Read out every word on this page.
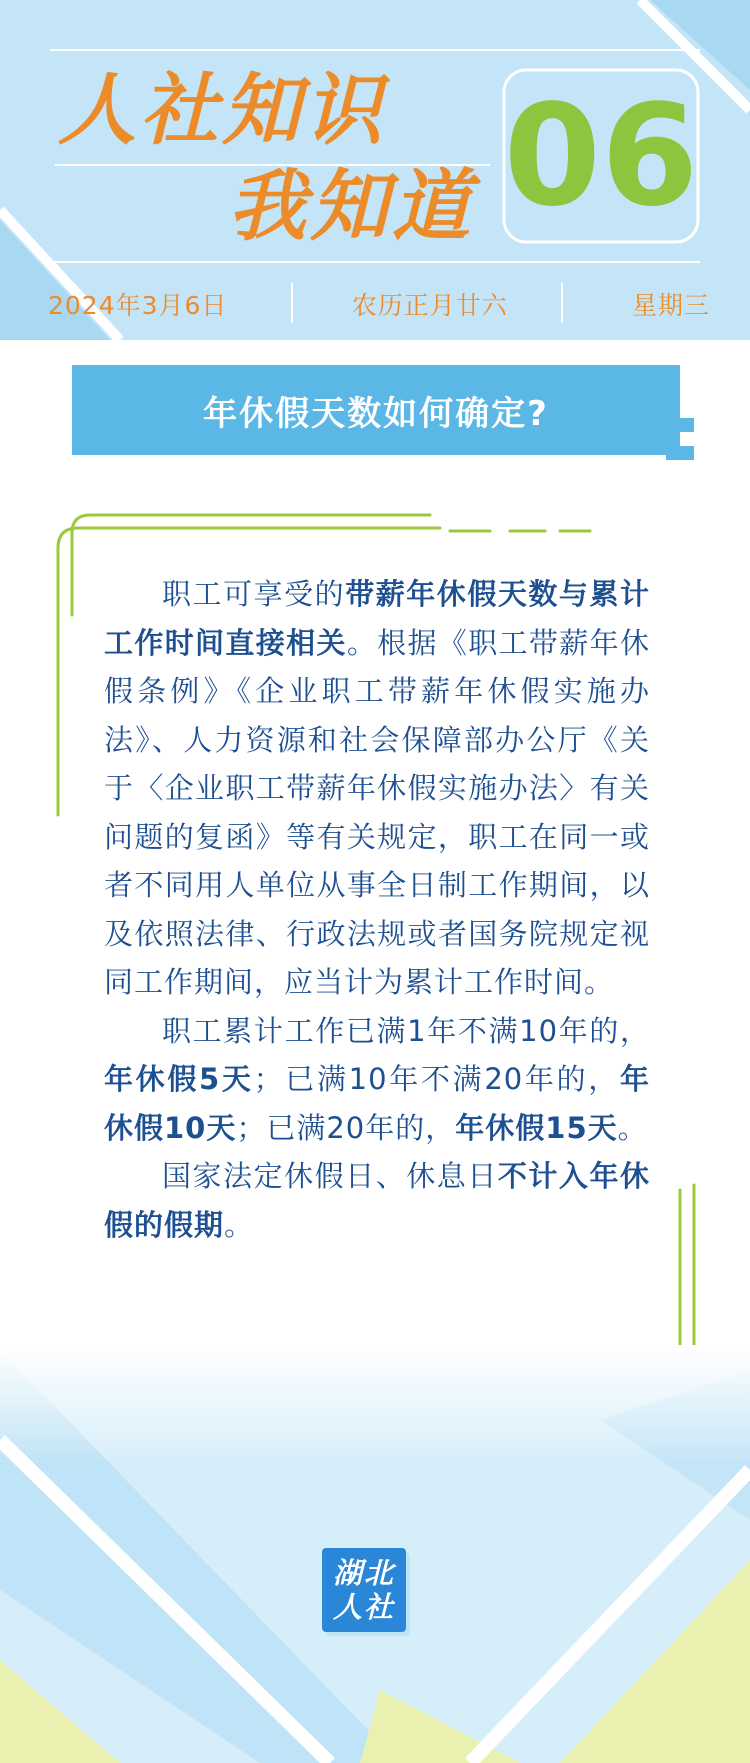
人社知识
我知道 06
2024年3月6日	农历正月廿六	星期三
年休假天数如何确定?

职工可享受的带薪年休假天数与累计工作时间直接相关。根据《职工带薪年休假条例》《企业职工带薪年休假实施办法》、人力资源和社会保障部办公厅《关于〈企业职工带薪年休假实施办法〉有关问题的复函》等有关规定，职工在同一或者不同用人单位从事全日制工作期间，以及依照法律、行政法规或者国务院规定视同工作期间，应当计为累计工作时间。

职工累计工作已满1年不满10年的，年休假5天；已满10年不满20年的，年休假10天；已满20年的，年休假15天。

国家法定休假日、休息日不计入年休假的假期。

湖北人社
